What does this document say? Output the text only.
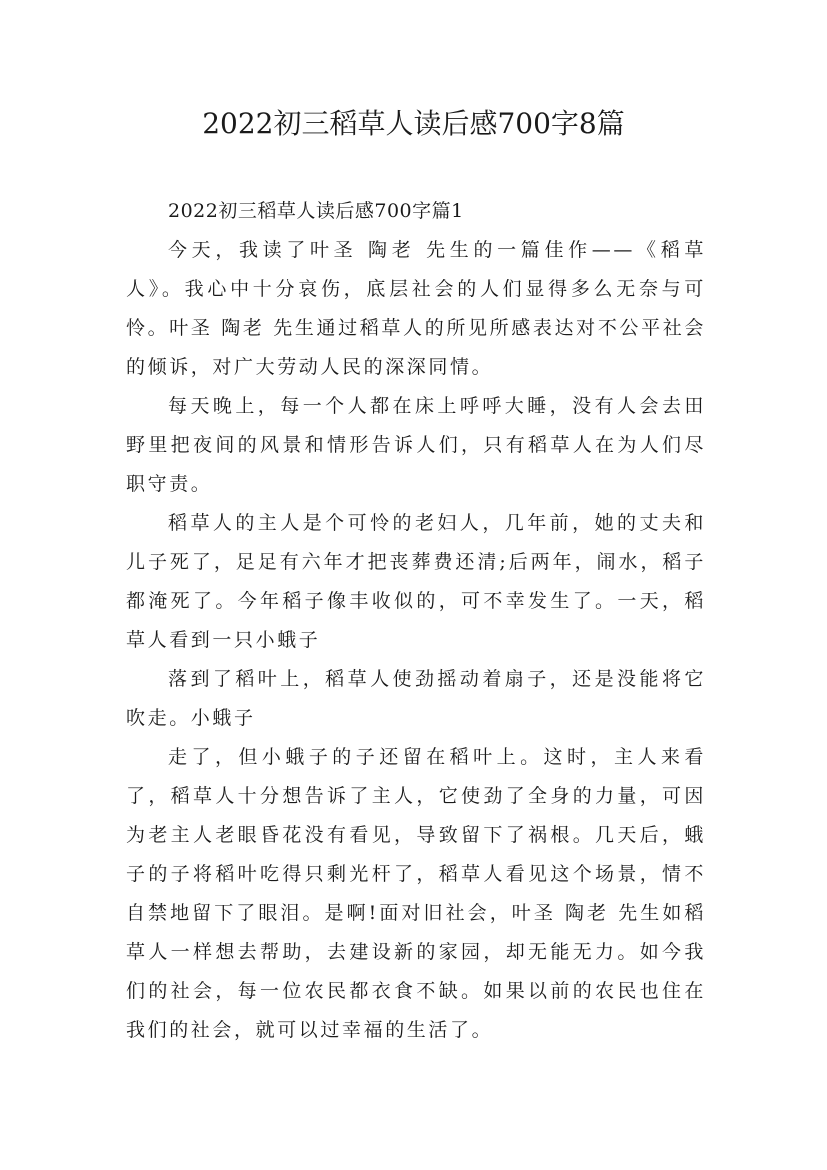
2022初三稻草人读后感700字8篇

2022初三稻草人读后感700字篇1

今天，我读了叶圣 陶老 先生的一篇佳作——《稻草人》。我心中十分哀伤，底层社会的人们显得多么无奈与可怜。叶圣 陶老 先生通过稻草人的所见所感表达对不公平社会的倾诉，对广大劳动人民的深深同情。

每天晚上，每一个人都在床上呼呼大睡，没有人会去田野里把夜间的风景和情形告诉人们，只有稻草人在为人们尽职守责。

稻草人的主人是个可怜的老妇人，几年前，她的丈夫和儿子死了，足足有六年才把丧葬费还清;后两年，闹水，稻子都淹死了。今年稻子像丰收似的，可不幸发生了。一天，稻草人看到一只小蛾子

落到了稻叶上，稻草人使劲摇动着扇子，还是没能将它吹走。小蛾子

走了，但小蛾子的子还留在稻叶上。这时，主人来看了，稻草人十分想告诉了主人，它使劲了全身的力量，可因为老主人老眼昏花没有看见，导致留下了祸根。几天后，蛾子的子将稻叶吃得只剩光杆了，稻草人看见这个场景，情不自禁地留下了眼泪。是啊!面对旧社会，叶圣 陶老 先生如稻草人一样想去帮助，去建设新的家园，却无能无力。如今我们的社会，每一位农民都衣食不缺。如果以前的农民也住在我们的社会，就可以过幸福的生活了。
